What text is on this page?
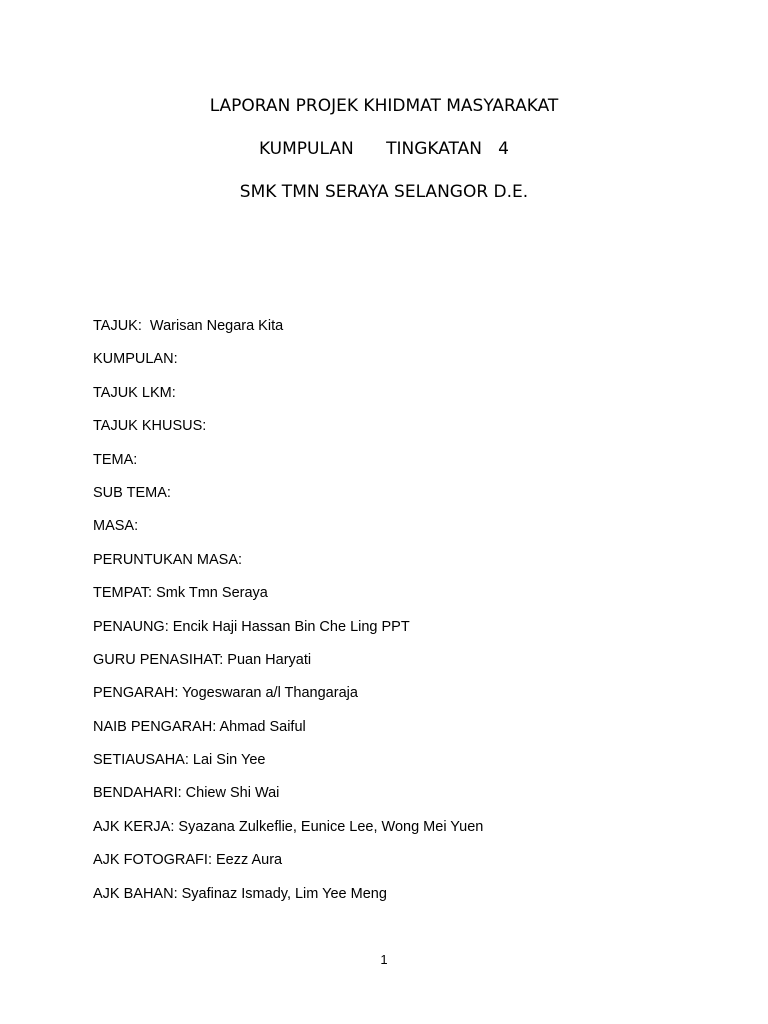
LAPORAN PROJEK KHIDMAT MASYARAKAT
KUMPULAN      TINGKATAN   4
SMK TMN SERAYA SELANGOR D.E.
TAJUK:  Warisan Negara Kita
KUMPULAN:
TAJUK LKM:
TAJUK KHUSUS:
TEMA:
SUB TEMA:
MASA:
PERUNTUKAN MASA:
TEMPAT: Smk Tmn Seraya
PENAUNG: Encik Haji Hassan Bin Che Ling PPT
GURU PENASIHAT: Puan Haryati
PENGARAH: Yogeswaran a/l Thangaraja
NAIB PENGARAH: Ahmad Saiful
SETIAUSAHA: Lai Sin Yee
BENDAHARI: Chiew Shi Wai
AJK KERJA: Syazana Zulkeflie, Eunice Lee, Wong Mei Yuen
AJK FOTOGRAFI: Eezz Aura
AJK BAHAN: Syafinaz Ismady, Lim Yee Meng
1
